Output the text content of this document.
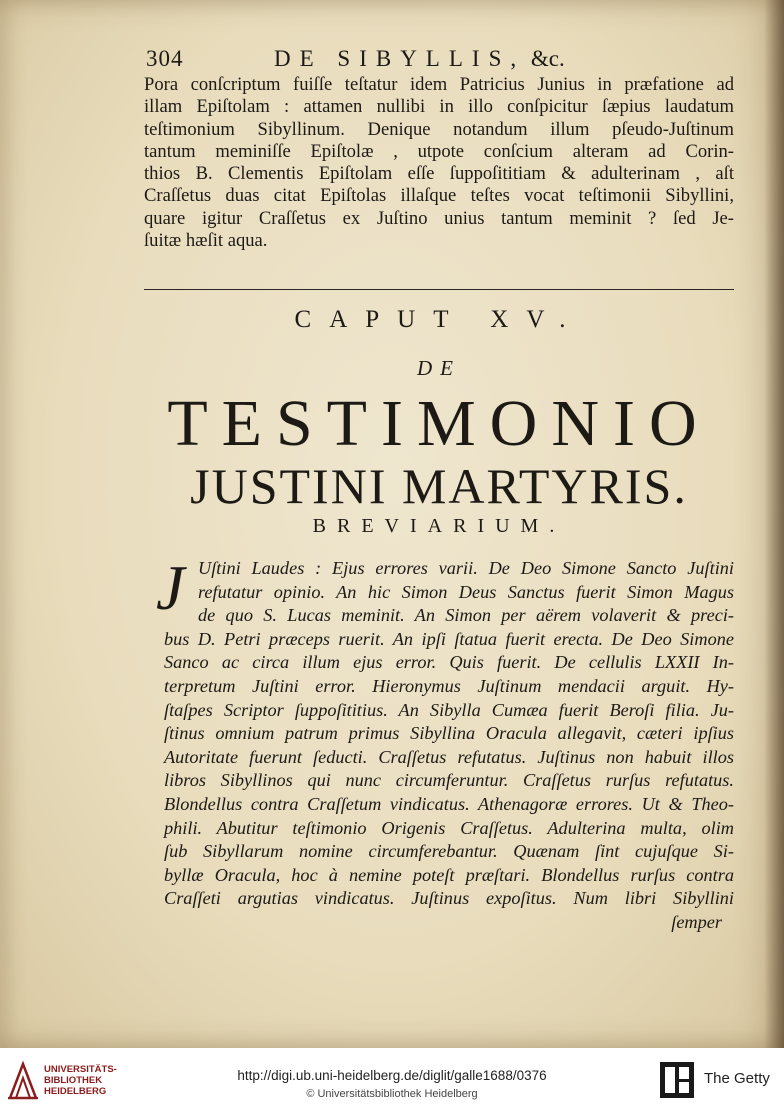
304	DE SIBYLLIS, &c.
Pora conſcriptum fuiſſe teſtatur idem Patricius Junius in præfatione ad
illam Epiſtolam : attamen nullibi in illo conſpicitur ſæpius laudatum
teſtimonium Sibyllinum. Denique notandum illum pſeudo-Juſtinum
tantum meminiſſe Epiſtolæ , utpote conſcium alteram ad Corin-
thios B. Clementis Epiſtolam eſſe ſuppoſititiam & adulterinam , aſt
Craſſetus duas citat Epiſtolas illaſque teſtes vocat teſtimonii Sibyllini,
quare igitur Craſſetus ex Juſtino unius tantum meminit ? ſed Je-
ſuitæ hæſit aqua.
CAPUT XV.
DE
TESTIMONIO
JUSTINI MARTYRIS.
BREVIARIUM.
J Uſtini Laudes : Ejus errores varii. De Deo Simone Sancto Juſtini
refutatur opinio. An hic Simon Deus Sanctus fuerit Simon Magus
de quo S. Lucas meminit. An Simon per aërem volaverit & preci-
bus D. Petri præceps ruerit. An ipſi ſtatua fuerit erecta. De Deo Simone
Sanco ac circa illum ejus error. Quis fuerit. De cellulis LXXII In-
terpretum Juſtini error. Hieronymus Juſtinum mendacii arguit. Hy-
ſtaſpes Scriptor ſuppoſititius. An Sibylla Cumæa fuerit Beroſi filia. Ju-
ſtinus omnium patrum primus Sibyllina Oracula allegavit, cæteri ipſius
Autoritate fuerunt ſeducti. Craſſetus refutatus. Juſtinus non habuit illos
libros Sibyllinos qui nunc circumferuntur. Craſſetus rurſus refutatus.
Blondellus contra Craſſetum vindicatus. Athenagoræ errores. Ut & Theo-
phili. Abutitur teſtimonio Origenis Craſſetus. Adulterina multa, olim
ſub Sibyllarum nomine circumferebantur. Quænam ſint cujuſque Si-
byllæ Oracula, hoc à nemine poteſt præſtari. Blondellus rurſus contra
Craſſeti argutias vindicatus. Juſtinus expoſitus. Num libri Sibyllini
ſemper
UNIVERSITÄTS-
BIBLIOTHEK
HEIDELBERG
http://digi.ub.uni-heidelberg.de/diglit/galle1688/0376
© Universitätsbibliothek Heidelberg
The Getty
